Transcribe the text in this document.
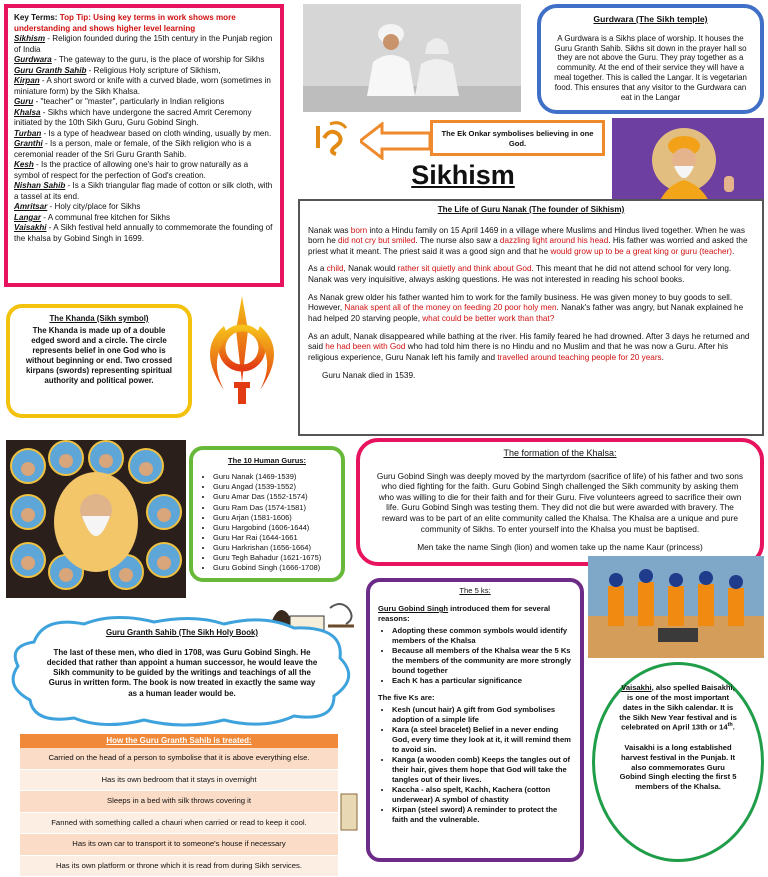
Key Terms: Top Tip: Using key terms in work shows more understanding and shows higher level learning
Sikhism - Religion founded during the 15th century in the Punjab region of India
Gurdwara - The gateway to the guru, is the place of worship for Sikhs
Guru Granth Sahib - Religious Holy scripture of Sikhism,
Kirpan - A short sword or knife with a curved blade, worn (sometimes in miniature form) by the Sikh Khalsa.
Guru - "teacher" or "master", particularly in Indian religions
Khalsa - Sikhs which have undergone the sacred Amrit Ceremony initiated by the 10th Sikh Guru, Guru Gobind Singh.
Turban - Is a type of headwear based on cloth winding, usually by men.
Granthi - Is a person, male or female, of the Sikh religion who is a ceremonial reader of the Sri Guru Granth Sahib.
Kesh - Is the practice of allowing one's hair to grow naturally as a symbol of respect for the perfection of God's creation.
Nishan Sahib - Is a Sikh triangular flag made of cotton or silk cloth, with a tassel at its end.
Amritsar - Holy city/place for Sikhs
Langar - A communal free kitchen for Sikhs
Vaisakhi - A Sikh festival held annually to commemorate the founding of the khalsa by Gobind Singh in 1699.
Gurdwara (The Sikh temple)
A Gurdwara is a Sikhs place of worship. It houses the Guru Granth Sahib. Sikhs sit down in the prayer hall so they are not above the Guru. They pray together as a community. At the end of their service they will have a meal together. This is called the Langar. It is vegetarian food. This ensures that any visitor to the Gurdwara can eat in the Langar
The Ek Onkar symbolises believing in one God.
Sikhism
The Life of Guru Nanak (The founder of Sikhism)

Nanak was born into a Hindu family on 15 April 1469 in a village where Muslims and Hindus lived together. When he was born he did not cry but smiled. The nurse also saw a dazzling light around his head. His father was worried and asked the priest what it meant. The priest said it was a good sign and that he would grow up to be a great king or guru (teacher).

As a child, Nanak would rather sit quietly and think about God. This meant that he did not attend school for very long. Nanak was very inquisitive, always asking questions. He was not interested in reading his school books.

As Nanak grew older his father wanted him to work for the family business. He was given money to buy goods to sell. However, Nanak spent all of the money on feeding 20 poor holy men. Nanak's father was angry, but Nanak explained he had helped 20 starving people, what could be better work than that?

As an adult, Nanak disappeared while bathing at the river. His family feared he had drowned. After 3 days he returned and said he had been with God who had told him there is no Hindu and no Muslim and that he was now a Guru. After his religious experience, Guru Nanak left his family and travelled around teaching people for 20 years.

Guru Nanak died in 1539.
The Khanda (Sikh symbol)
The Khanda is made up of a double edged sword and a circle. The circle represents belief in one God who is without beginning or end. Two crossed kirpans (swords) representing spiritual authority and political power.
The 10 Human Gurus:
• Guru Nanak (1469-1539)
• Guru Angad (1539-1552)
• Guru Amar Das (1552-1574)
• Guru Ram Das (1574-1581)
• Guru Arjan (1581-1606)
• Guru Hargobind (1606-1644)
• Guru Har Rai (1644-1661
• Guru Harkrishan (1656-1664)
• Guru Tegh Bahadur (1621-1675)
• Guru Gobind Singh (1666-1708)
The formation of the Khalsa:
Guru Gobind Singh was deeply moved by the martyrdom (sacrifice of life) of his father and two sons who died fighting for the faith. Guru Gobind Singh challenged the Sikh community by asking them who was willing to die for their faith and for their Guru. Five volunteers agreed to sacrifice their own life. Guru Gobind Singh was testing them. They did not die but were awarded with bravery. The reward was to be part of an elite community called the Khalsa. The Khalsa are a unique and pure community of Sikhs. To enter yourself into the Khalsa you must be baptised.
Men take the name Singh (lion) and women take up the name Kaur (princess)
Guru Granth Sahib (The Sikh Holy Book)
The last of these men, who died in 1708, was Guru Gobind Singh. He decided that rather than appoint a human successor, he would leave the Sikh community to be guided by the writings and teachings of all the Gurus in written form. The book is now treated in exactly the same way as a human leader would be.
How the Guru Granth Sahib is treated:
Carried on the head of a person to symbolise that it is above everything else.
Has its own bedroom that it stays in overnight
Sleeps in a bed with silk throws covering it
Fanned with something called a chauri when carried or read to keep it cool.
Has its own car to transport it to someone's house if necessary
Has its own platform or throne which it is read from during Sikh services.
The 5 ks:
Guru Gobind Singh introduced them for several reasons:
• Adopting these common symbols would identify members of the Khalsa
• Because all members of the Khalsa wear the 5 Ks the members of the community are more strongly bound together
• Each K has a particular significance
The five Ks are:
• Kesh (uncut hair) A gift from God symbolises adoption of a simple life
• Kara (a steel bracelet) Belief in a never ending God, every time they look at it, it will remind them to avoid sin.
• Kanga (a wooden comb) Keeps the tangles out of their hair, gives them hope that God will take the tangles out of their lives.
• Kaccha - also spelt, Kachh, Kachera (cotton underwear) A symbol of chastity
• Kirpan (steel sword) A reminder to protect the faith and the vulnerable.
Vaisakhi, also spelled Baisakhi, is one of the most important dates in the Sikh calendar. It is the Sikh New Year festival and is celebrated on April 13th or 14th.
Vaisakhi is a long established harvest festival in the Punjab. It also commemorates Guru Gobind Singh electing the first 5 members of the Khalsa.
